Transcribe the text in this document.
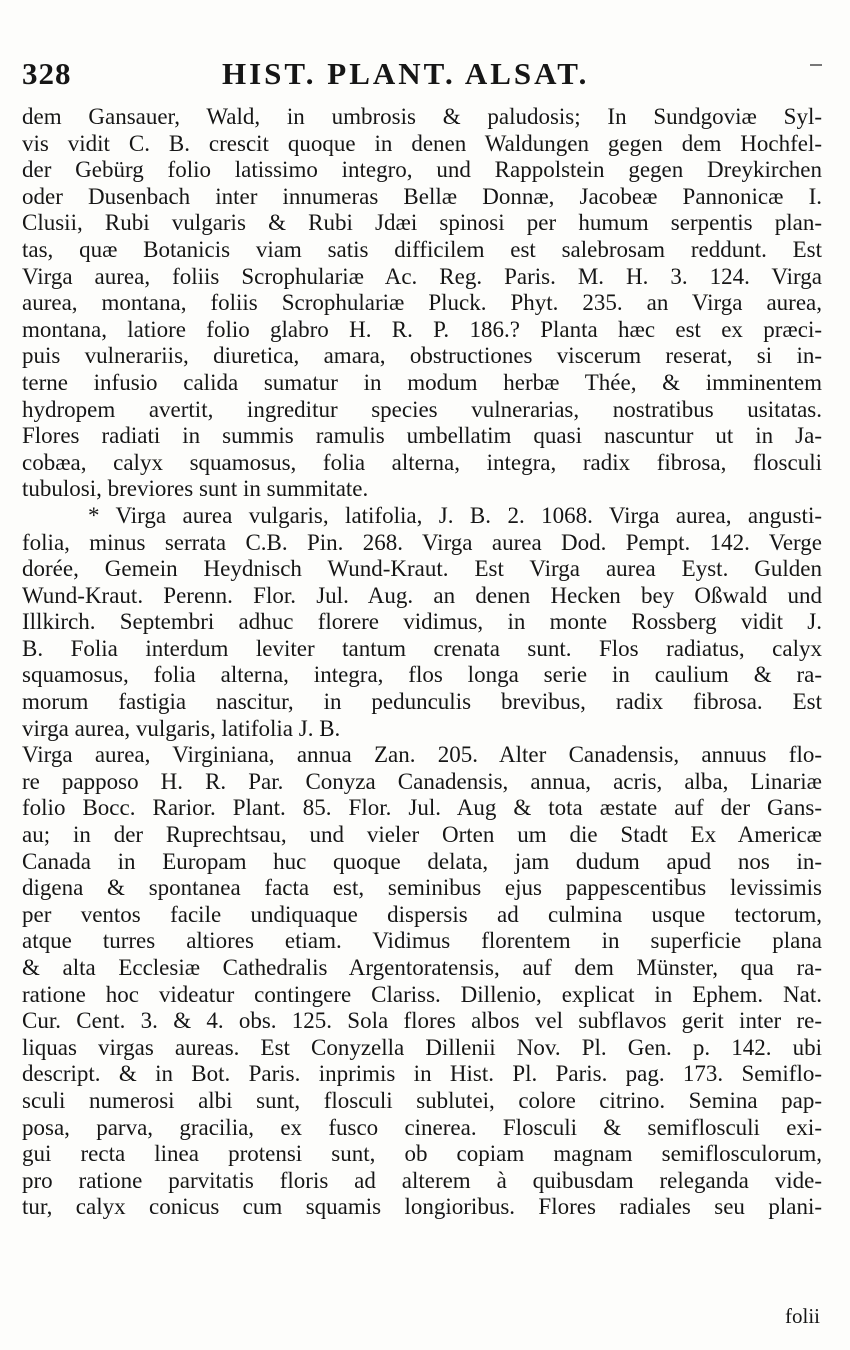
328	HIST. PLANT. ALSAT.
dem Gansauer, Wald, in umbrosis & paludosis; In Sundgoviæ Syl-
vis vidit C. B. crescit quoque in denen Waldungen gegen dem Hochfel-
der Gebürg folio latissimo integro, und Rappolstein gegen Dreykirchen
oder Dusenbach inter innumeras Bellæ Donnæ, Jacobeæ Pannonicæ I.
Clusii, Rubi vulgaris & Rubi Jdæi spinosi per humum serpentis plan-
tas, quæ Botanicis viam satis difficilem est salebrosam reddunt. Est
Virga aurea, foliis Scrophulariæ Ac. Reg. Paris. M. H. 3. 124. Virga
aurea, montana, foliis Scrophulariæ Pluck. Phyt. 235. an Virga aurea,
montana, latiore folio glabro H. R. P. 186.? Planta hæc est ex præci-
puis vulnerariis, diuretica, amara, obstructiones viscerum reserat, si in-
terne infusio calida sumatur in modum herbæ Thée, & imminentem
hydropem avertit, ingreditur species vulnerarias, nostratibus usitatas.
Flores radiati in summis ramulis umbellatim quasi nascuntur ut in Ja-
cobæa, calyx squamosus, folia alterna, integra, radix fibrosa, flosculi
tubulosi, breviores sunt in summitate.
* Virga aurea vulgaris, latifolia, J. B. 2. 1068. Virga aurea, angusti-
folia, minus serrata C.B. Pin. 268. Virga aurea Dod. Pempt. 142. Verge
dorée, Gemein Heydnisch Wund-Kraut. Est Virga aurea Eyst. Gulden
Wund-Kraut. Perenn. Flor. Jul. Aug. an denen Hecken bey Oßwald und
Illkirch. Septembri adhuc florere vidimus, in monte Rossberg vidit J.
B. Folia interdum leviter tantum crenata sunt. Flos radiatus, calyx
squamosus, folia alterna, integra, flos longa serie in caulium & ra-
morum fastigia nascitur, in pedunculis brevibus, radix fibrosa. Est
virga aurea, vulgaris, latifolia J. B.
Virga aurea, Virginiana, annua Zan. 205. Alter Canadensis, annuus flo-
re papposo H. R. Par. Conyza Canadensis, annua, acris, alba, Linariæ
folio Bocc. Rarior. Plant. 85. Flor. Jul. Aug & tota æstate auf der Gans-
au; in der Ruprechtsau, und vieler Orten um die Stadt Ex Americæ
Canada in Europam huc quoque delata, jam dudum apud nos in-
digena & spontanea facta est, seminibus ejus pappescentibus levissimis
per ventos facile undiquaque dispersis ad culmina usque tectorum,
atque turres altiores etiam. Vidimus florentem in superficie plana
& alta Ecclesiæ Cathedralis Argentoratensis, auf dem Münster, qua ra-
ratione hoc videatur contingere Clariss. Dillenio, explicat in Ephem. Nat.
Cur. Cent. 3. & 4. obs. 125. Sola flores albos vel subflavos gerit inter re-
liquas virgas aureas. Est Conyzella Dillenii Nov. Pl. Gen. p. 142. ubi
descript. & in Bot. Paris. inprimis in Hist. Pl. Paris. pag. 173. Semiflo-
sculi numerosi albi sunt, flosculi sublutei, colore citrino. Semina pap-
posa, parva, gracilia, ex fusco cinerea. Flosculi & semiflosculi exi-
gui recta linea protensi sunt, ob copiam magnam semiflosculorum,
pro ratione parvitatis floris ad alterem à quibusdam releganda vide-
tur, calyx conicus cum squamis longioribus. Flores radiales seu plani-
folii
